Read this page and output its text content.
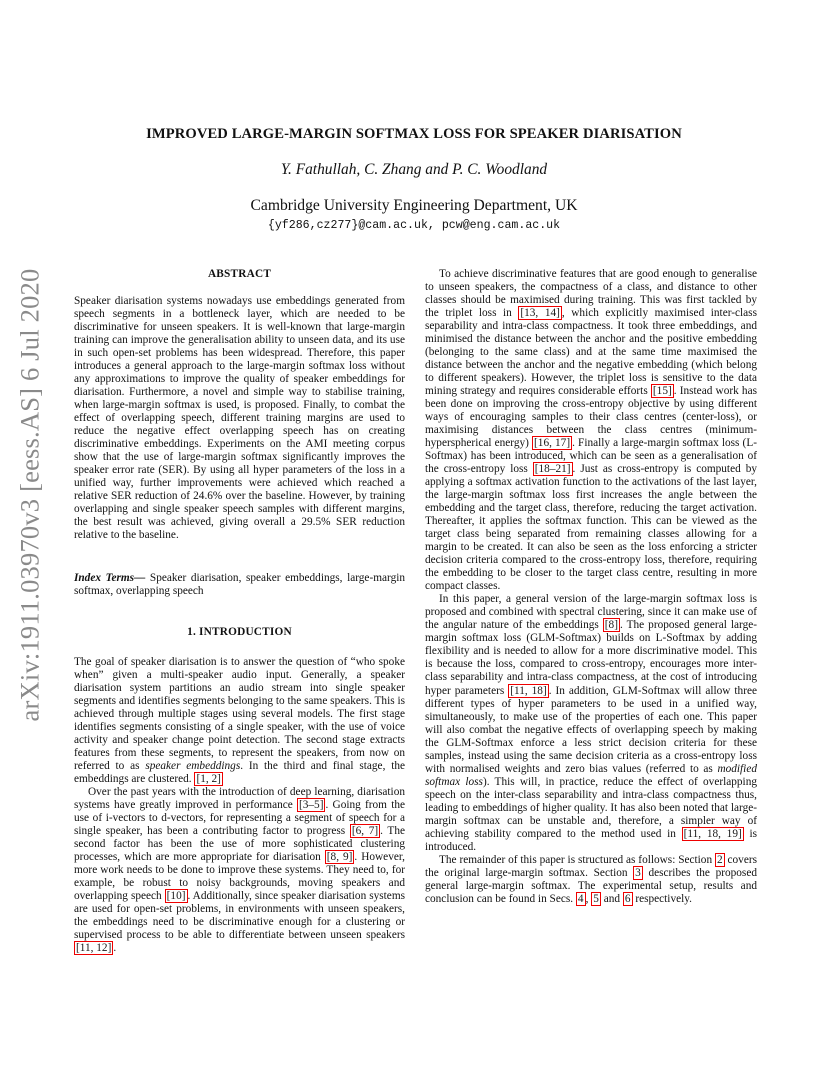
arXiv:1911.03970v3 [eess.AS] 6 Jul 2020
IMPROVED LARGE-MARGIN SOFTMAX LOSS FOR SPEAKER DIARISATION
Y. Fathullah, C. Zhang and P. C. Woodland
Cambridge University Engineering Department, UK
{yf286,cz277}@cam.ac.uk, pcw@eng.cam.ac.uk
ABSTRACT

Speaker diarisation systems nowadays use embeddings generated from speech segments in a bottleneck layer, which are needed to be discriminative for unseen speakers. It is well-known that large-margin training can improve the generalisation ability to unseen data, and its use in such open-set problems has been widespread. Therefore, this paper introduces a general approach to the large-margin softmax loss without any approximations to improve the quality of speaker embeddings for diarisation. Furthermore, a novel and simple way to stabilise training, when large-margin softmax is used, is proposed. Finally, to combat the effect of overlapping speech, different training margins are used to reduce the negative effect overlapping speech has on creating discriminative embeddings. Experiments on the AMI meeting corpus show that the use of large-margin softmax significantly improves the speaker error rate (SER). By using all hyper parameters of the loss in a unified way, further improvements were achieved which reached a relative SER reduction of 24.6% over the baseline. However, by training overlapping and single speaker speech samples with different margins, the best result was achieved, giving overall a 29.5% SER reduction relative to the baseline.

Index Terms— Speaker diarisation, speaker embeddings, large-margin softmax, overlapping speech
1. INTRODUCTION

The goal of speaker diarisation is to answer the question of “who spoke when” given a multi-speaker audio input. Generally, a speaker diarisation system partitions an audio stream into single speaker segments and identifies segments belonging to the same speakers. This is achieved through multiple stages using several models. The first stage identifies segments consisting of a single speaker, with the use of voice activity and speaker change point detection. The second stage extracts features from these segments, to represent the speakers, from now on referred to as speaker embeddings. In the third and final stage, the embeddings are clustered. [1, 2]

Over the past years with the introduction of deep learning, diarisation systems have greatly improved in performance [3–5] . Going from the use of i-vectors to d-vectors, for representing a segment of speech for a single speaker, has been a contributing factor to progress [6, 7] . The second factor has been the use of more sophisticated clustering processes, which are more appropriate for diarisation [8, 9] . However, more work needs to be done to improve these systems. They need to, for example, be robust to noisy backgrounds, moving speakers and overlapping speech [10] . Additionally, since speaker diarisation systems are used for open-set problems, in environments with unseen speakers, the embeddings need to be discriminative enough for a clustering or supervised process to be able to differentiate between unseen speakers [11, 12] .

To achieve discriminative features that are good enough to generalise to unseen speakers, the compactness of a class, and distance to other classes should be maximised during training. This was first tackled by the triplet loss in [13, 14] , which explicitly maximised inter-class separability and intra-class compactness. It took three embeddings, and minimised the distance between the anchor and the positive embedding (belonging to the same class) and at the same time maximised the distance between the anchor and the negative embedding (which belong to different speakers). However, the triplet loss is sensitive to the data mining strategy and requires considerable efforts [15] . Instead work has been done on improving the cross-entropy objective by using different ways of encouraging samples to their class centres (center-loss), or maximising distances between the class centres (minimum-hyperspherical energy) [16, 17] . Finally a large-margin softmax loss (L-Softmax) has been introduced, which can be seen as a generalisation of the cross-entropy loss [18–21] . Just as cross-entropy is computed by applying a softmax activation function to the activations of the last layer, the large-margin softmax loss first increases the angle between the embedding and the target class, therefore, reducing the target activation. Thereafter, it applies the softmax function. This can be viewed as the target class being separated from remaining classes allowing for a margin to be created. It can also be seen as the loss enforcing a stricter decision criteria compared to the cross-entropy loss, therefore, requiring the embedding to be closer to the target class centre, resulting in more compact classes.

In this paper, a general version of the large-margin softmax loss is proposed and combined with spectral clustering, since it can make use of the angular nature of the embeddings [8] . The proposed general large-margin softmax loss (GLM-Softmax) builds on L-Softmax by adding flexibility and is needed to allow for a more discriminative model. This is because the loss, compared to cross-entropy, encourages more inter-class separability and intra-class compactness, at the cost of introducing hyper parameters [11, 18] . In addition, GLM-Softmax will allow three different types of hyper parameters to be used in a unified way, simultaneously, to make use of the properties of each one. This paper will also combat the negative effects of overlapping speech by making the GLM-Softmax enforce a less strict decision criteria for these samples, instead using the same decision criteria as a cross-entropy loss with normalised weights and zero bias values (referred to as modified softmax loss). This will, in practice, reduce the effect of overlapping speech on the inter-class separability and intra-class compactness thus, leading to embeddings of higher quality. It has also been noted that large-margin softmax can be unstable and, therefore, a simpler way of achieving stability compared to the method used in [11, 18, 19] is introduced.

The remainder of this paper is structured as follows: Section 2 covers the original large-margin softmax. Section 3 describes the proposed general large-margin softmax. The experimental setup, results and conclusion can be found in Secs. 4 , 5 and 6 respectively.
